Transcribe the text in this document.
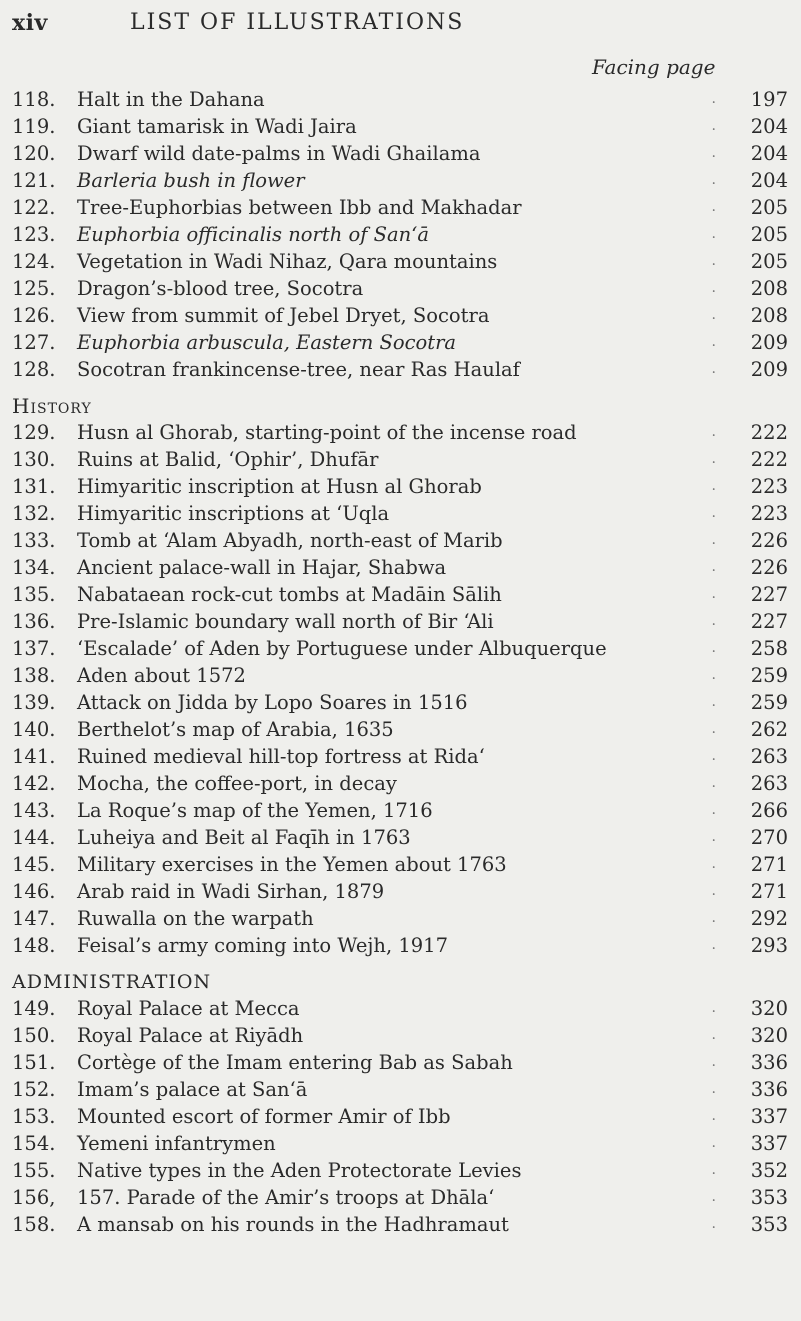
xiv	LIST OF ILLUSTRATIONS
Facing page
118.	Halt in the Dahana	.	197
119.	Giant tamarisk in Wadi Jaira	.	204
120.	Dwarf wild date-palms in Wadi Ghailama	.	204
121.	Barleria bush in flower	.	204
122.	Tree-Euphorbias between Ibb and Makhadar	.	205
123.	Euphorbia officinalis north of San‘ā	.	205
124.	Vegetation in Wadi Nihaz, Qara mountains	.	205
125.	Dragon’s-blood tree, Socotra	.	208
126.	View from summit of Jebel Dryet, Socotra	.	208
127.	Euphorbia arbuscula, Eastern Socotra	.	209
128.	Socotran frankincense-tree, near Ras Haulaf	.	209
History
129.	Husn al Ghorab, starting-point of the incense road	.	222
130.	Ruins at Balid, ‘Ophir’, Dhufār	.	222
131.	Himyaritic inscription at Husn al Ghorab	.	223
132.	Himyaritic inscriptions at ‘Uqla	.	223
133.	Tomb at ‘Alam Abyadh, north-east of Marib	.	226
134.	Ancient palace-wall in Hajar, Shabwa	.	226
135.	Nabataean rock-cut tombs at Madāin Sālih	.	227
136.	Pre-Islamic boundary wall north of Bir ‘Ali	.	227
137.	‘Escalade’ of Aden by Portuguese under Albuquerque	.	258
138.	Aden about 1572	.	259
139.	Attack on Jidda by Lopo Soares in 1516	.	259
140.	Berthelot’s map of Arabia, 1635	.	262
141.	Ruined medieval hill-top fortress at Rida‘	.	263
142.	Mocha, the coffee-port, in decay	.	263
143.	La Roque’s map of the Yemen, 1716	.	266
144.	Luheiya and Beit al Faqīh in 1763	.	270
145.	Military exercises in the Yemen about 1763	.	271
146.	Arab raid in Wadi Sirhan, 1879	.	271
147.	Ruwalla on the warpath	.	292
148.	Feisal’s army coming into Wejh, 1917	.	293
ADMINISTRATION
149.	Royal Palace at Mecca	.	320
150.	Royal Palace at Riyādh	.	320
151.	Cortège of the Imam entering Bab as Sabah	.	336
152.	Imam’s palace at San‘ā	.	336
153.	Mounted escort of former Amir of Ibb	.	337
154.	Yemeni infantrymen	.	337
155.	Native types in the Aden Protectorate Levies	.	352
156,	157. Parade of the Amir’s troops at Dhāla‘	.	353
158.	A mansab on his rounds in the Hadhramaut	.	353
